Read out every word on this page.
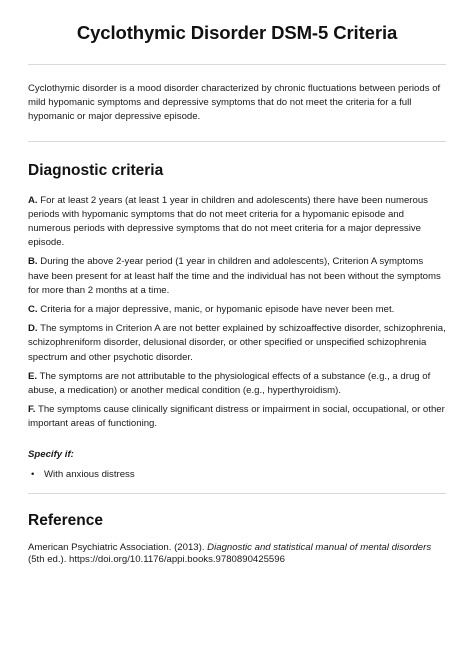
Cyclothymic Disorder DSM-5 Criteria

Cyclothymic disorder is a mood disorder characterized by chronic fluctuations between periods of mild hypomanic symptoms and depressive symptoms that do not meet the criteria for a full hypomanic or major depressive episode.

Diagnostic criteria

A. For at least 2 years (at least 1 year in children and adolescents) there have been numerous periods with hypomanic symptoms that do not meet criteria for a hypomanic episode and numerous periods with depressive symptoms that do not meet criteria for a major depressive episode.

B. During the above 2-year period (1 year in children and adolescents), Criterion A symptoms have been present for at least half the time and the individual has not been without the symptoms for more than 2 months at a time.

C. Criteria for a major depressive, manic, or hypomanic episode have never been met.

D. The symptoms in Criterion A are not better explained by schizoaffective disorder, schizophrenia, schizophreniform disorder, delusional disorder, or other specified or unspecified schizophrenia spectrum and other psychotic disorder.

E. The symptoms are not attributable to the physiological effects of a substance (e.g., a drug of abuse, a medication) or another medical condition (e.g., hyperthyroidism).

F. The symptoms cause clinically significant distress or impairment in social, occupational, or other important areas of functioning.

Specify if:

• With anxious distress
Reference

American Psychiatric Association. (2013). Diagnostic and statistical manual of mental disorders (5th ed.). https://doi.org/10.1176/appi.books.9780890425596
